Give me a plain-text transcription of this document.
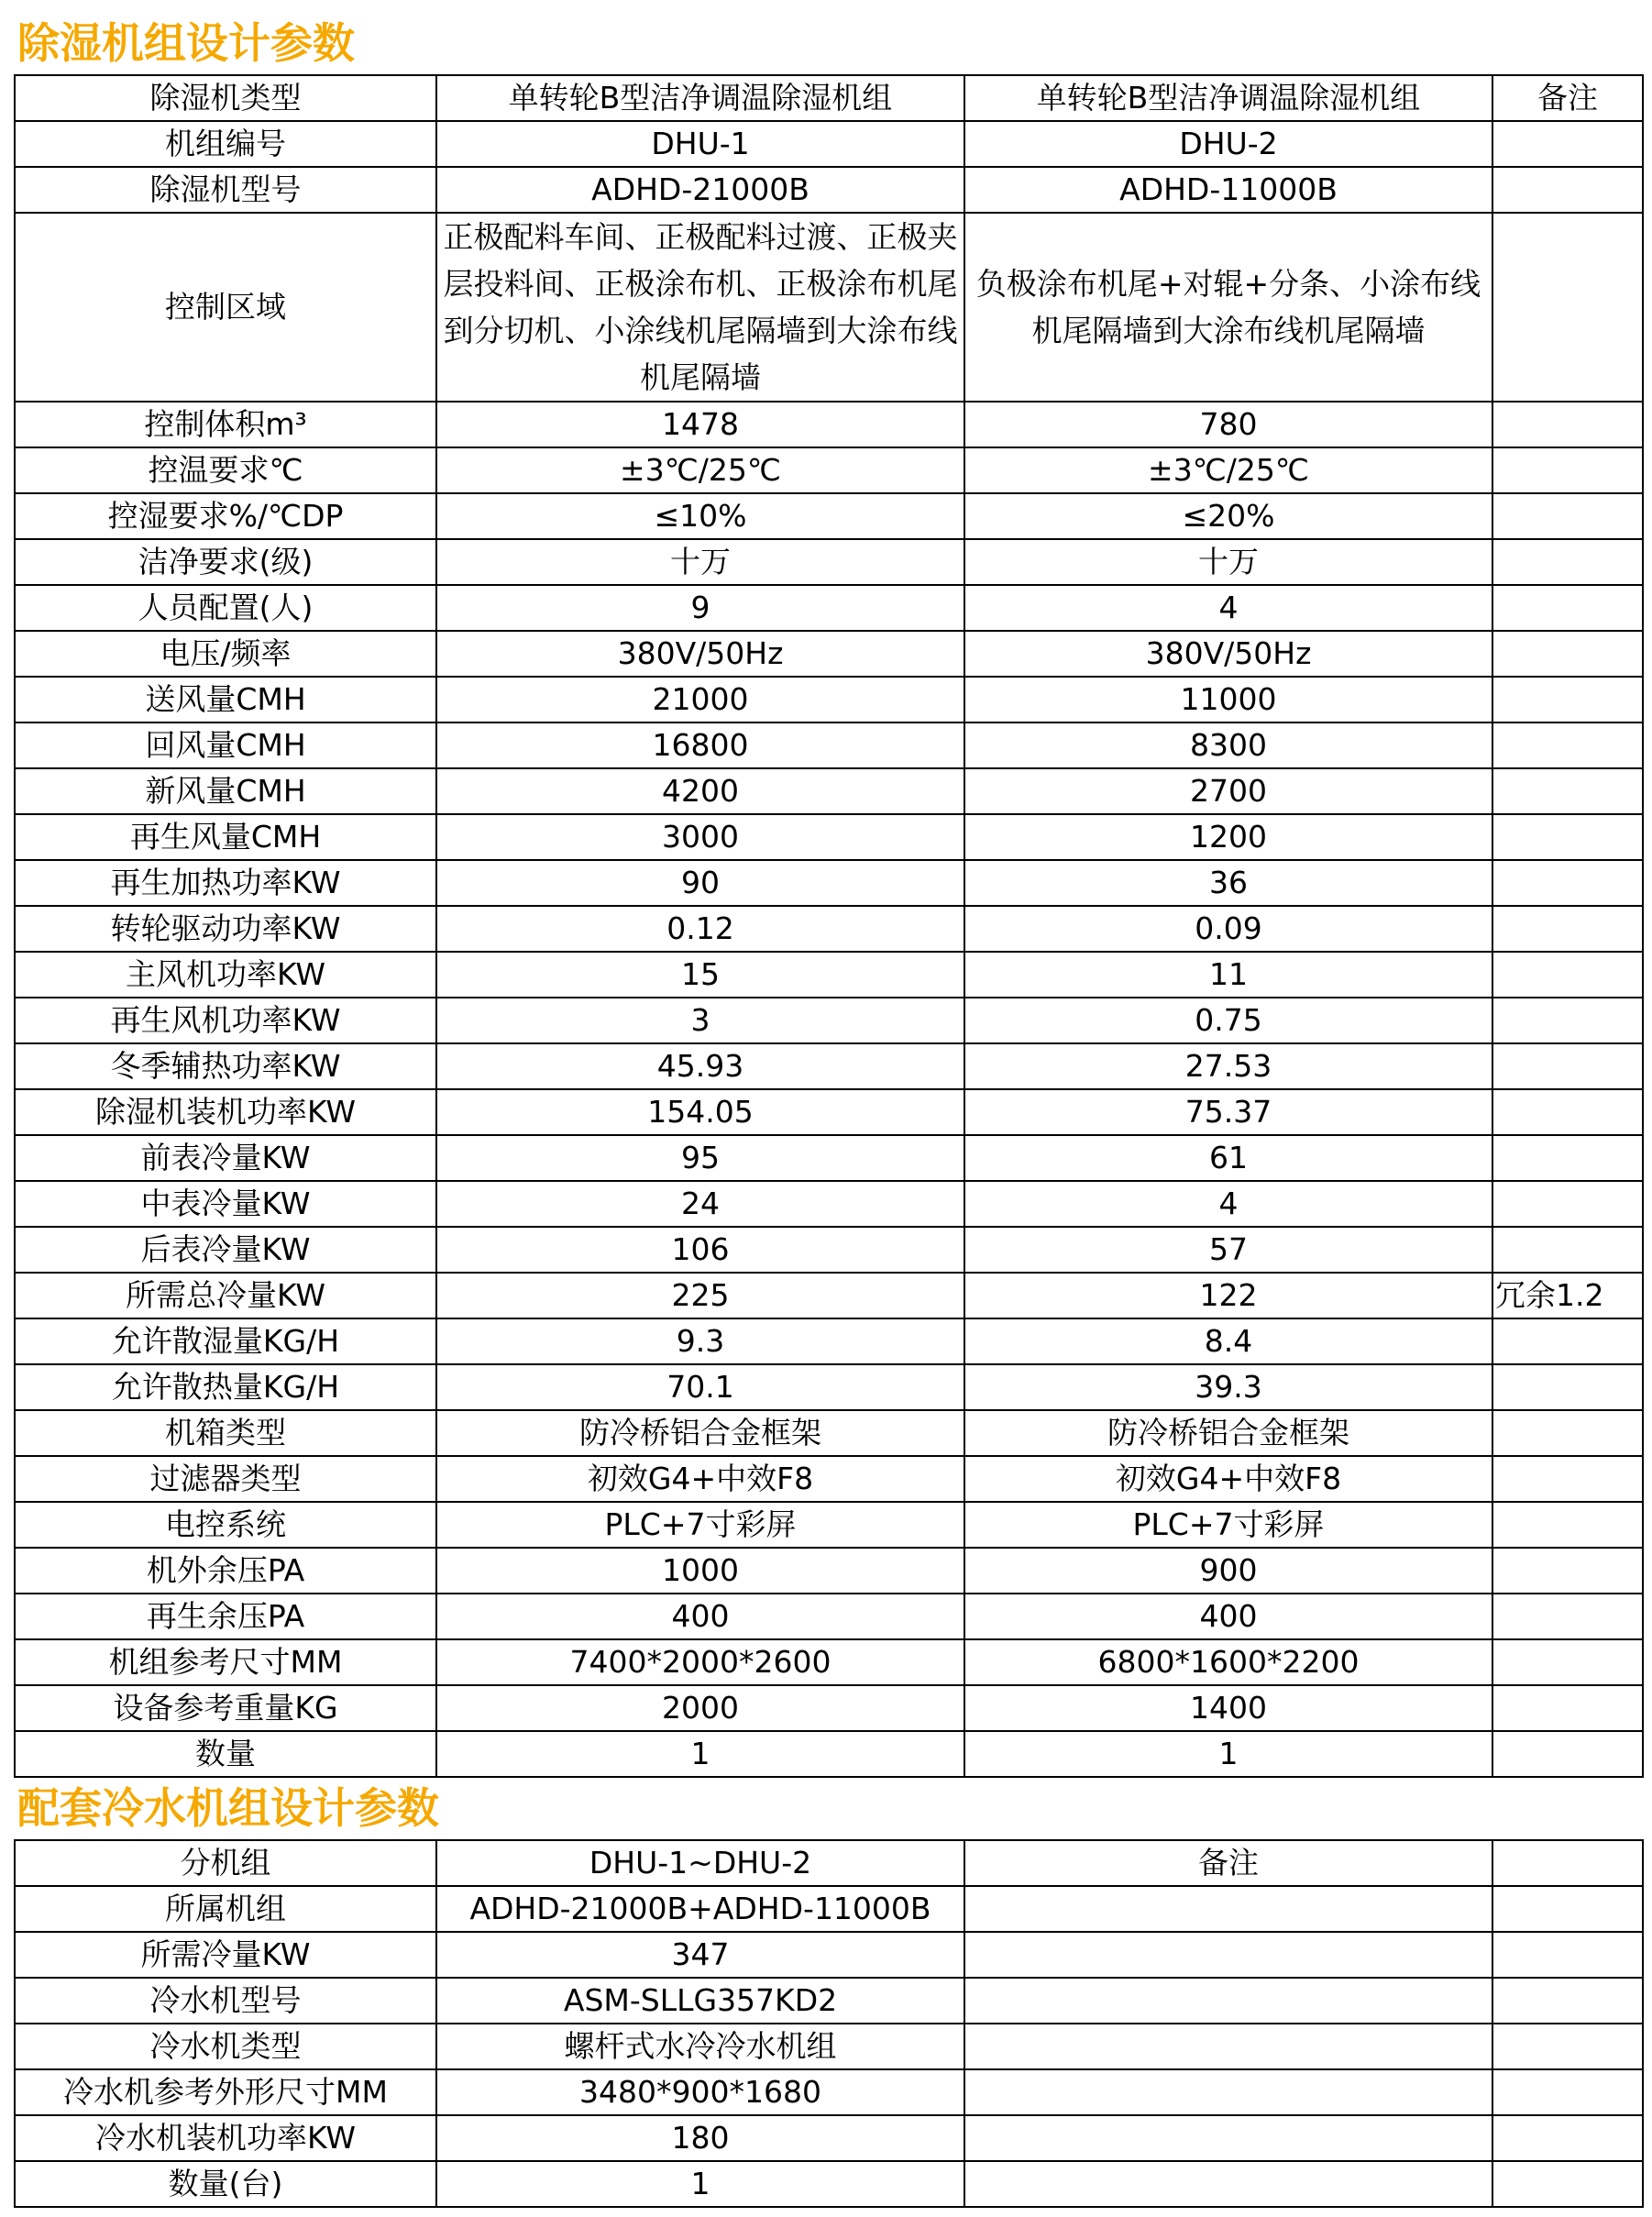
除湿机组设计参数
除湿机类型	单转轮B型洁净调温除湿机组	单转轮B型洁净调温除湿机组	备注
机组编号	DHU-1	DHU-2	
除湿机型号	ADHD-21000B	ADHD-11000B	
控制区域	正极配料车间、正极配料过渡、正极夹层投料间、正极涂布机、正极涂布机尾到分切机、小涂线机尾隔墙到大涂布线机尾隔墙	负极涂布机尾+对辊+分条、小涂布线机尾隔墙到大涂布线机尾隔墙	
控制体积m³	1478	780	
控温要求℃	±3℃/25℃	±3℃/25℃	
控湿要求%/℃DP	≤10%	≤20%	
洁净要求(级)	十万	十万	
人员配置(人)	9	4	
电压/频率	380V/50Hz	380V/50Hz	
送风量CMH	21000	11000	
回风量CMH	16800	8300	
新风量CMH	4200	2700	
再生风量CMH	3000	1200	
再生加热功率KW	90	36	
转轮驱动功率KW	0.12	0.09	
主风机功率KW	15	11	
再生风机功率KW	3	0.75	
冬季辅热功率KW	45.93	27.53	
除湿机装机功率KW	154.05	75.37	
前表冷量KW	95	61	
中表冷量KW	24	4	
后表冷量KW	106	57	
所需总冷量KW	225	122	冗余1.2
允许散湿量KG/H	9.3	8.4	
允许散热量KG/H	70.1	39.3	
机箱类型	防冷桥铝合金框架	防冷桥铝合金框架	
过滤器类型	初效G4+中效F8	初效G4+中效F8	
电控系统	PLC+7寸彩屏	PLC+7寸彩屏	
机外余压PA	1000	900	
再生余压PA	400	400	
机组参考尺寸MM	7400*2000*2600	6800*1600*2200	
设备参考重量KG	2000	1400	
数量	1	1	
配套冷水机组设计参数
分机组	DHU-1~DHU-2	备注	
所属机组	ADHD-21000B+ADHD-11000B		
所需冷量KW	347		
冷水机型号	ASM-SLLG357KD2		
冷水机类型	螺杆式水冷冷水机组		
冷水机参考外形尺寸MM	3480*900*1680		
冷水机装机功率KW	180		
数量(台)	1		
